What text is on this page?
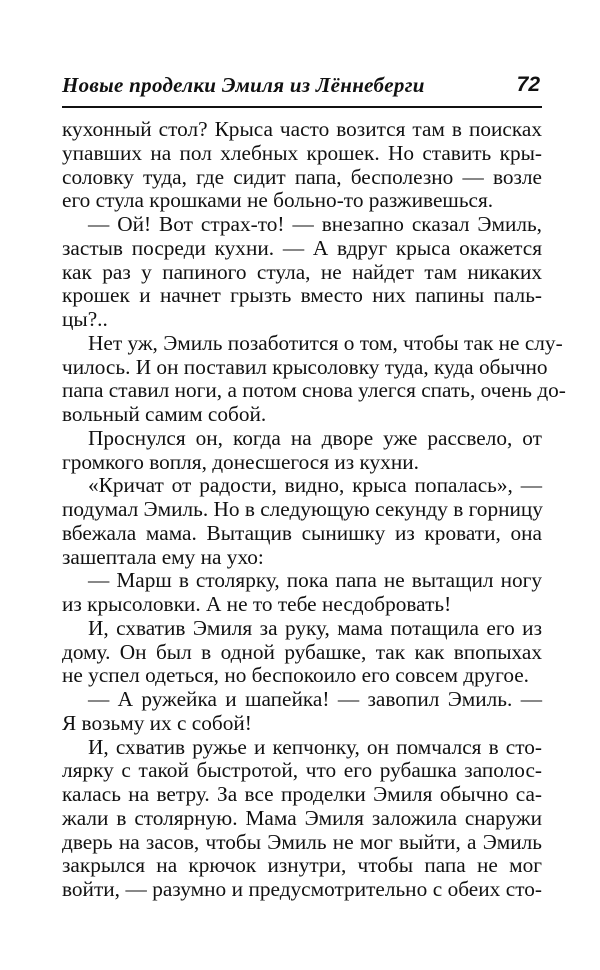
Новые проделки Эмиля из Лённеберги	72
кухонный стол? Крыса часто возится там в поисках
упавших на пол хлебных крошек. Но ставить кры-
соловку туда, где сидит папа, бесполезно — возле
его стула крошками не больно-то разживешься.
— Ой! Вот страх-то! — внезапно сказал Эмиль,
застыв посреди кухни. — А вдруг крыса окажется
как раз у папиного стула, не найдет там никаких
крошек и начнет грызть вместо них папины паль-
цы?..
Нет уж, Эмиль позаботится о том, чтобы так не слу-
чилось. И он поставил крысоловку туда, куда обычно
папа ставил ноги, а потом снова улегся спать, очень до-
вольный самим собой.
Проснулся он, когда на дворе уже рассвело, от
громкого вопля, донесшегося из кухни.
«Кричат от радости, видно, крыса попалась», —
подумал Эмиль. Но в следующую секунду в горницу
вбежала мама. Вытащив сынишку из кровати, она
зашептала ему на ухо:
— Марш в столярку, пока папа не вытащил ногу
из крысоловки. А не то тебе несдобровать!
И, схватив Эмиля за руку, мама потащила его из
дому. Он был в одной рубашке, так как впопыхах
не успел одеться, но беспокоило его совсем другое.
— А ружейка и шапейка! — завопил Эмиль. —
Я возьму их с собой!
И, схватив ружье и кепчонку, он помчался в сто-
лярку с такой быстротой, что его рубашка заполос-
калась на ветру. За все проделки Эмиля обычно са-
жали в столярную. Мама Эмиля заложила снаружи
дверь на засов, чтобы Эмиль не мог выйти, а Эмиль
закрылся на крючок изнутри, чтобы папа не мог
войти, — разумно и предусмотрительно с обеих сто-
